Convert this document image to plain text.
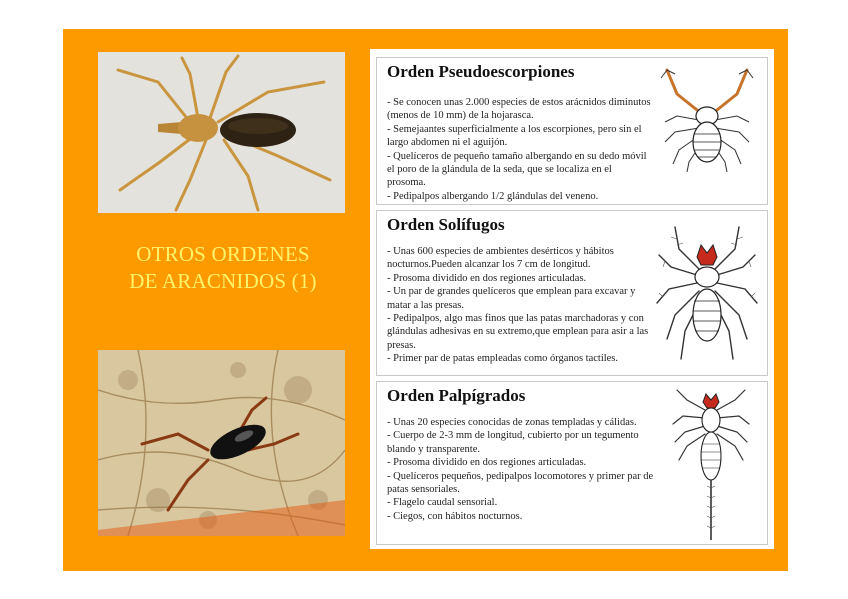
OTROS ORDENES
DE ARACNIDOS (1)
Orden Pseudoescorpiones
- Se conocen unas 2.000 especies de estos arácnidos diminutos (menos de 10 mm) de la hojarasca.
- Semejaantes superficialmente a los escorpiones, pero sin el largo abdomen ni el aguijón.
- Quelíceros de pequeño tamaño albergando en su dedo móvil el poro de la glándula de la seda, que se localiza en el prosoma.
- Pedipalpos albergando 1/2 glándulas del veneno.
Orden Solífugos
- Unas 600 especies de ambientes desérticos y hábitos nocturnos.Pueden alcanzar los 7 cm de longitud.
- Prosoma dividido en dos regiones articuladas.
- Un par de grandes quelíceros que emplean para excavar y matar a las presas.
- Pedipalpos, algo mas finos que las patas marchadoras y con glándulas adhesivas en su extremo,que emplean para asir a las presas.
- Primer par de patas empleadas como órganos tactiles.
Orden Palpígrados
- Unas 20 especies conocidas de zonas templadas y cálidas.
- Cuerpo de 2-3 mm de longitud, cubierto por un tegumento blando y transparente.
- Prosoma dividido en dos regiones articuladas.
- Quelíceros pequeños, pedipalpos locomotores y primer par de patas sensoriales.
- Flagelo caudal sensorial.
- Ciegos, con hábitos nocturnos.
